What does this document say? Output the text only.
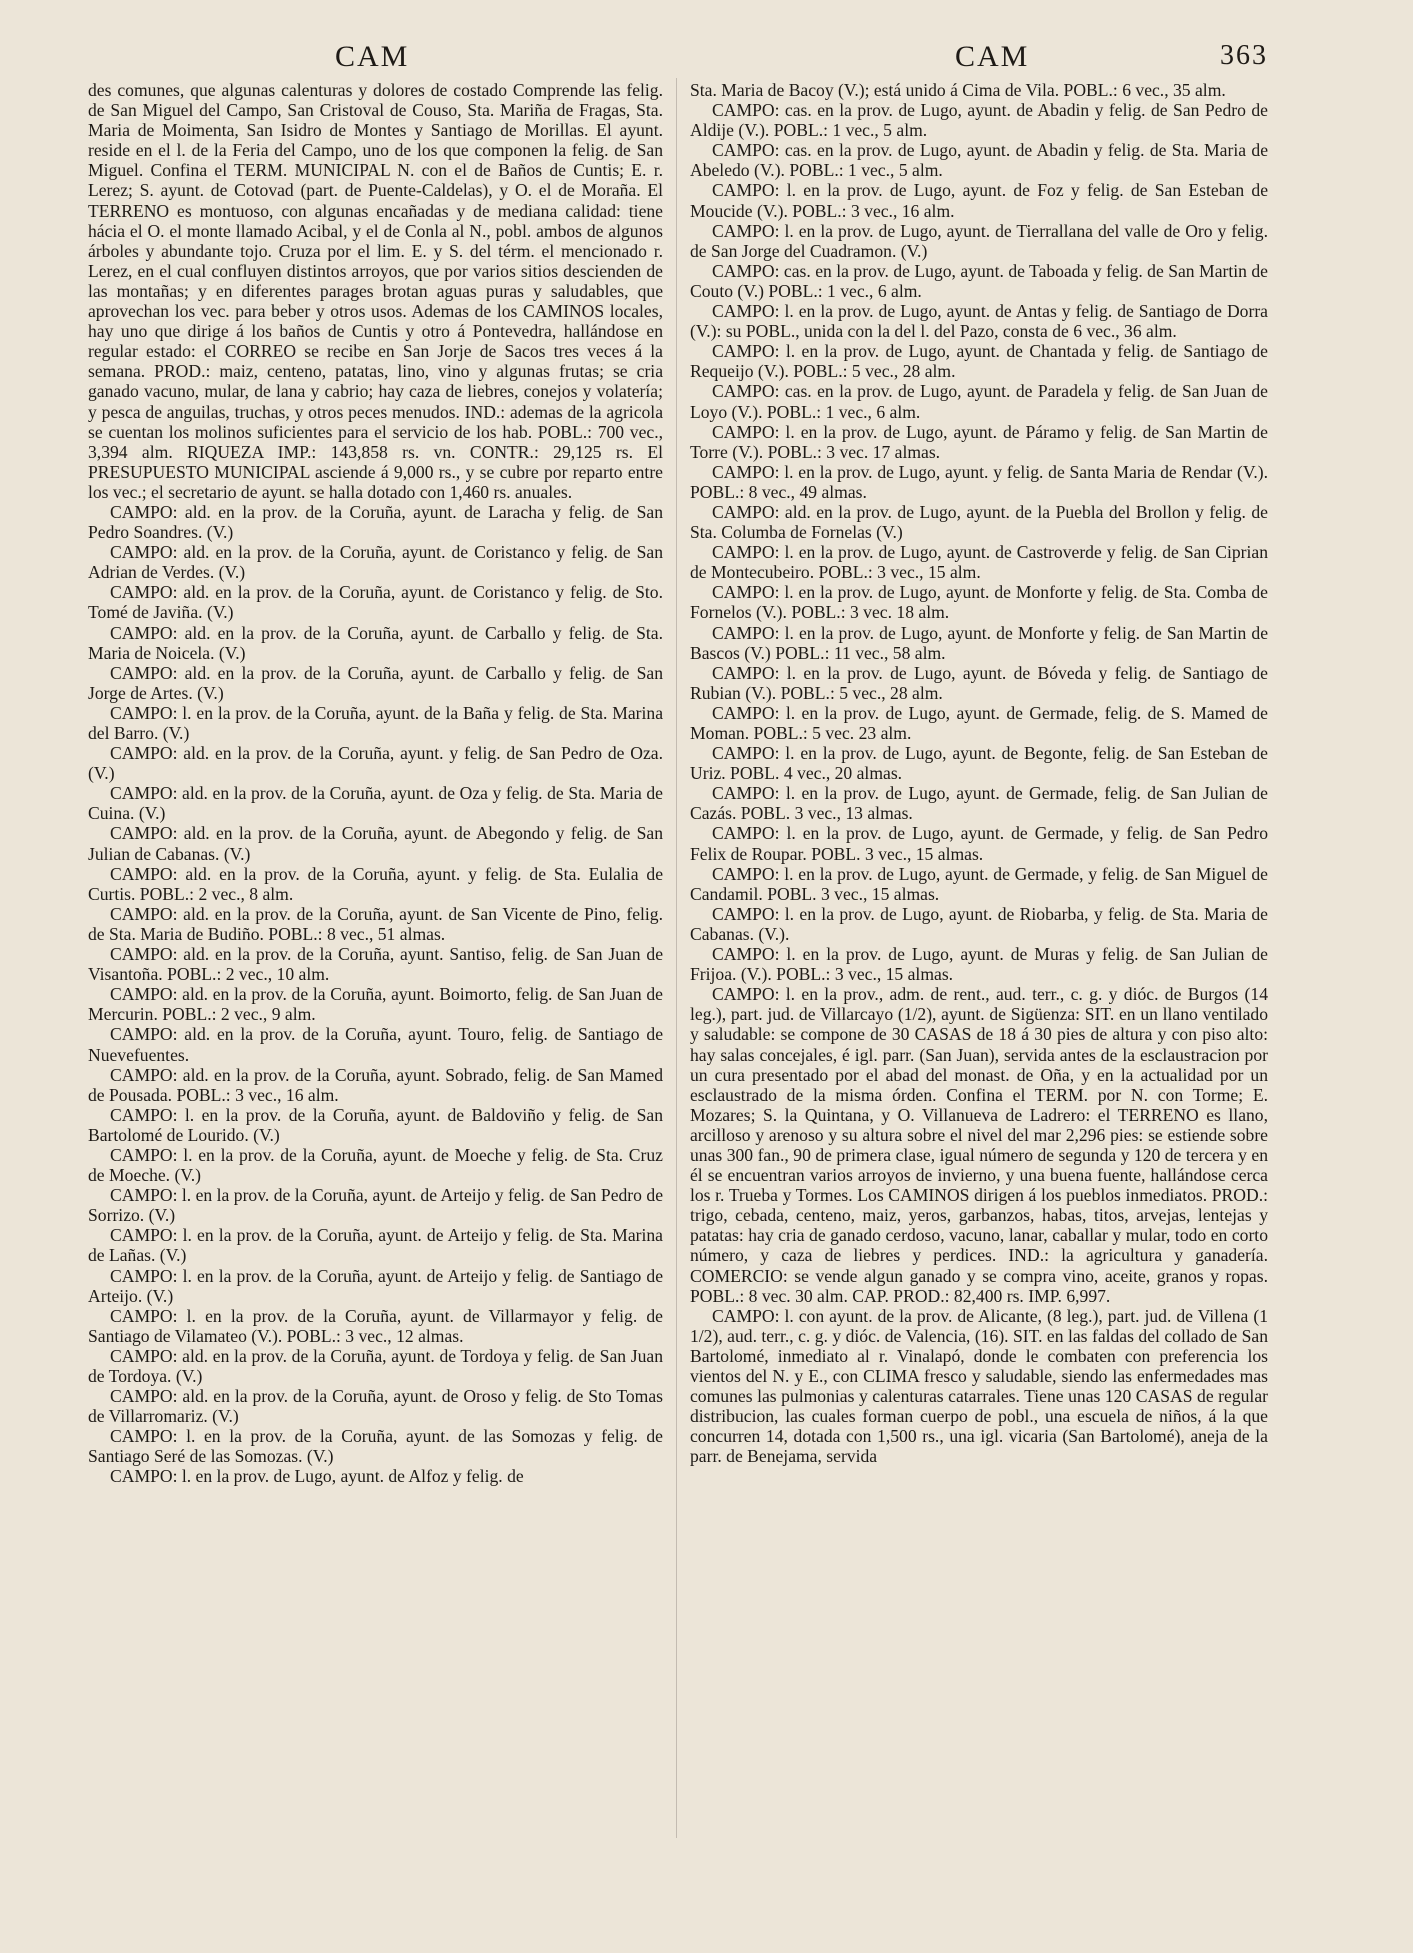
CAM	CAM	363

des comunes, que algunas calenturas y dolores de costado Comprende las felig. de San Miguel del Campo, San Cristoval de Couso, Sta. Mariña de Fragas, Sta. Maria de Moimenta, San Isidro de Montes y Santiago de Morillas. El ayunt. reside en el l. de la Feria del Campo, uno de los que componen la felig. de San Miguel. Confina el TERM. MUNICIPAL N. con el de Baños de Cuntis; E. r. Lerez; S. ayunt. de Cotovad (part. de Puente-Caldelas), y O. el de Moraña. El TERRENO es montuoso, con algunas encañadas y de mediana calidad: tiene hácia el O. el monte llamado Acibal, y el de Conla al N., pobl. ambos de algunos árboles y abundante tojo. Cruza por el lim. E. y S. del térm. el mencionado r. Lerez, en el cual confluyen distintos arroyos, que por varios sitios descienden de las montañas; y en diferentes parages brotan aguas puras y saludables, que aprovechan los vec. para beber y otros usos. Ademas de los CAMINOS locales, hay uno que dirige á los baños de Cuntis y otro á Pontevedra, hallándose en regular estado: el CORREO se recibe en San Jorje de Sacos tres veces á la semana. PROD.: maiz, centeno, patatas, lino, vino y algunas frutas; se cria ganado vacuno, mular, de lana y cabrio; hay caza de liebres, conejos y volatería; y pesca de anguilas, truchas, y otros peces menudos. IND.: ademas de la agricola se cuentan los molinos suficientes para el servicio de los hab. POBL.: 700 vec., 3,394 alm. RIQUEZA IMP.: 143,858 rs. vn. CONTR.: 29,125 rs. El PRESUPUESTO MUNICIPAL asciende á 9,000 rs., y se cubre por reparto entre los vec.; el secretario de ayunt. se halla dotado con 1,460 rs. anuales.

CAMPO: ald. en la prov. de la Coruña, ayunt. de Laracha y felig. de San Pedro Soandres. (V.)

CAMPO: ald. en la prov. de la Coruña, ayunt. de Coristanco y felig. de San Adrian de Verdes. (V.)

CAMPO: ald. en la prov. de la Coruña, ayunt. de Coristanco y felig. de Sto. Tomé de Javiña. (V.)

CAMPO: ald. en la prov. de la Coruña, ayunt. de Carballo y felig. de Sta. Maria de Noicela. (V.)

CAMPO: ald. en la prov. de la Coruña, ayunt. de Carballo y felig. de San Jorge de Artes. (V.)

CAMPO: l. en la prov. de la Coruña, ayunt. de la Baña y felig. de Sta. Marina del Barro. (V.)

CAMPO: ald. en la prov. de la Coruña, ayunt. y felig. de San Pedro de Oza. (V.)

CAMPO: ald. en la prov. de la Coruña, ayunt. de Oza y felig. de Sta. Maria de Cuina. (V.)

CAMPO: ald. en la prov. de la Coruña, ayunt. de Abegondo y felig. de San Julian de Cabanas. (V.)

CAMPO: ald. en la prov. de la Coruña, ayunt. y felig. de Sta. Eulalia de Curtis. POBL.: 2 vec., 8 alm.

CAMPO: ald. en la prov. de la Coruña, ayunt. de San Vicente de Pino, felig. de Sta. Maria de Budiño. POBL.: 8 vec., 51 almas.

CAMPO: ald. en la prov. de la Coruña, ayunt. Santiso, felig. de San Juan de Visantoña. POBL.: 2 vec., 10 alm.

CAMPO: ald. en la prov. de la Coruña, ayunt. Boimorto, felig. de San Juan de Mercurin. POBL.: 2 vec., 9 alm.

CAMPO: ald. en la prov. de la Coruña, ayunt. Touro, felig. de Santiago de Nuevefuentes.

CAMPO: ald. en la prov. de la Coruña, ayunt. Sobrado, felig. de San Mamed de Pousada. POBL.: 3 vec., 16 alm.

CAMPO: l. en la prov. de la Coruña, ayunt. de Baldoviño y felig. de San Bartolomé de Lourido. (V.)

CAMPO: l. en la prov. de la Coruña, ayunt. de Moeche y felig. de Sta. Cruz de Moeche. (V.)

CAMPO: l. en la prov. de la Coruña, ayunt. de Arteijo y felig. de San Pedro de Sorrizo. (V.)

CAMPO: l. en la prov. de la Coruña, ayunt. de Arteijo y felig. de Sta. Marina de Lañas. (V.)

CAMPO: l. en la prov. de la Coruña, ayunt. de Arteijo y felig. de Santiago de Arteijo. (V.)

CAMPO: l. en la prov. de la Coruña, ayunt. de Villarmayor y felig. de Santiago de Vilamateo (V.). POBL.: 3 vec., 12 almas.

CAMPO: ald. en la prov. de la Coruña, ayunt. de Tordoya y felig. de San Juan de Tordoya. (V.)

CAMPO: ald. en la prov. de la Coruña, ayunt. de Oroso y felig. de Sto Tomas de Villarromariz. (V.)

CAMPO: l. en la prov. de la Coruña, ayunt. de las Somozas y felig. de Santiago Seré de las Somozas. (V.)

CAMPO: l. en la prov. de Lugo, ayunt. de Alfoz y felig. de

Sta. Maria de Bacoy (V.); está unido á Cima de Vila. POBL.: 6 vec., 35 alm.

CAMPO: cas. en la prov. de Lugo, ayunt. de Abadin y felig. de San Pedro de Aldije (V.). POBL.: 1 vec., 5 alm.

CAMPO: cas. en la prov. de Lugo, ayunt. de Abadin y felig. de Sta. Maria de Abeledo (V.). POBL.: 1 vec., 5 alm.

CAMPO: l. en la prov. de Lugo, ayunt. de Foz y felig. de San Esteban de Moucide (V.). POBL.: 3 vec., 16 alm.

CAMPO: l. en la prov. de Lugo, ayunt. de Tierrallana del valle de Oro y felig. de San Jorge del Cuadramon. (V.)

CAMPO: cas. en la prov. de Lugo, ayunt. de Taboada y felig. de San Martin de Couto (V.) POBL.: 1 vec., 6 alm.

CAMPO: l. en la prov. de Lugo, ayunt. de Antas y felig. de Santiago de Dorra (V.): su POBL., unida con la del l. del Pazo, consta de 6 vec., 36 alm.

CAMPO: l. en la prov. de Lugo, ayunt. de Chantada y felig. de Santiago de Requeijo (V.). POBL.: 5 vec., 28 alm.

CAMPO: cas. en la prov. de Lugo, ayunt. de Paradela y felig. de San Juan de Loyo (V.). POBL.: 1 vec., 6 alm.

CAMPO: l. en la prov. de Lugo, ayunt. de Páramo y felig. de San Martin de Torre (V.). POBL.: 3 vec. 17 almas.

CAMPO: l. en la prov. de Lugo, ayunt. y felig. de Santa Maria de Rendar (V.). POBL.: 8 vec., 49 almas.

CAMPO: ald. en la prov. de Lugo, ayunt. de la Puebla del Brollon y felig. de Sta. Columba de Fornelas (V.)

CAMPO: l. en la prov. de Lugo, ayunt. de Castroverde y felig. de San Ciprian de Montecubeiro. POBL.: 3 vec., 15 alm.

CAMPO: l. en la prov. de Lugo, ayunt. de Monforte y felig. de Sta. Comba de Fornelos (V.). POBL.: 3 vec. 18 alm.

CAMPO: l. en la prov. de Lugo, ayunt. de Monforte y felig. de San Martin de Bascos (V.) POBL.: 11 vec., 58 alm.

CAMPO: l. en la prov. de Lugo, ayunt. de Bóveda y felig. de Santiago de Rubian (V.). POBL.: 5 vec., 28 alm.

CAMPO: l. en la prov. de Lugo, ayunt. de Germade, felig. de S. Mamed de Moman. POBL.: 5 vec. 23 alm.

CAMPO: l. en la prov. de Lugo, ayunt. de Begonte, felig. de San Esteban de Uriz. POBL. 4 vec., 20 almas.

CAMPO: l. en la prov. de Lugo, ayunt. de Germade, felig. de San Julian de Cazás. POBL. 3 vec., 13 almas.

CAMPO: l. en la prov. de Lugo, ayunt. de Germade, y felig. de San Pedro Felix de Roupar. POBL. 3 vec., 15 almas.

CAMPO: l. en la prov. de Lugo, ayunt. de Germade, y felig. de San Miguel de Candamil. POBL. 3 vec., 15 almas.

CAMPO: l. en la prov. de Lugo, ayunt. de Riobarba, y felig. de Sta. Maria de Cabanas. (V.).

CAMPO: l. en la prov. de Lugo, ayunt. de Muras y felig. de San Julian de Frijoa. (V.). POBL.: 3 vec., 15 almas.

CAMPO: l. en la prov., adm. de rent., aud. terr., c. g. y dióc. de Burgos (14 leg.), part. jud. de Villarcayo (1/2), ayunt. de Sigüenza: SIT. en un llano ventilado y saludable: se compone de 30 CASAS de 18 á 30 pies de altura y con piso alto: hay salas concejales, é igl. parr. (San Juan), servida antes de la esclaustracion por un cura presentado por el abad del monast. de Oña, y en la actualidad por un esclaustrado de la misma órden. Confina el TERM. por N. con Torme; E. Mozares; S. la Quintana, y O. Villanueva de Ladrero: el TERRENO es llano, arcilloso y arenoso y su altura sobre el nivel del mar 2,296 pies: se estiende sobre unas 300 fan., 90 de primera clase, igual número de segunda y 120 de tercera y en él se encuentran varios arroyos de invierno, y una buena fuente, hallándose cerca los r. Trueba y Tormes. Los CAMINOS dirigen á los pueblos inmediatos. PROD.: trigo, cebada, centeno, maiz, yeros, garbanzos, habas, titos, arvejas, lentejas y patatas: hay cria de ganado cerdoso, vacuno, lanar, caballar y mular, todo en corto número, y caza de liebres y perdices. IND.: la agricultura y ganadería. COMERCIO: se vende algun ganado y se compra vino, aceite, granos y ropas. POBL.: 8 vec. 30 alm. CAP. PROD.: 82,400 rs. IMP. 6,997.

CAMPO: l. con ayunt. de la prov. de Alicante, (8 leg.), part. jud. de Villena (1 1/2), aud. terr., c. g. y dióc. de Valencia, (16). SIT. en las faldas del collado de San Bartolomé, inmediato al r. Vinalapó, donde le combaten con preferencia los vientos del N. y E., con CLIMA fresco y saludable, siendo las enfermedades mas comunes las pulmonias y calenturas catarrales. Tiene unas 120 CASAS de regular distribucion, las cuales forman cuerpo de pobl., una escuela de niños, á la que concurren 14, dotada con 1,500 rs., una igl. vicaria (San Bartolomé), aneja de la parr. de Benejama, servida
